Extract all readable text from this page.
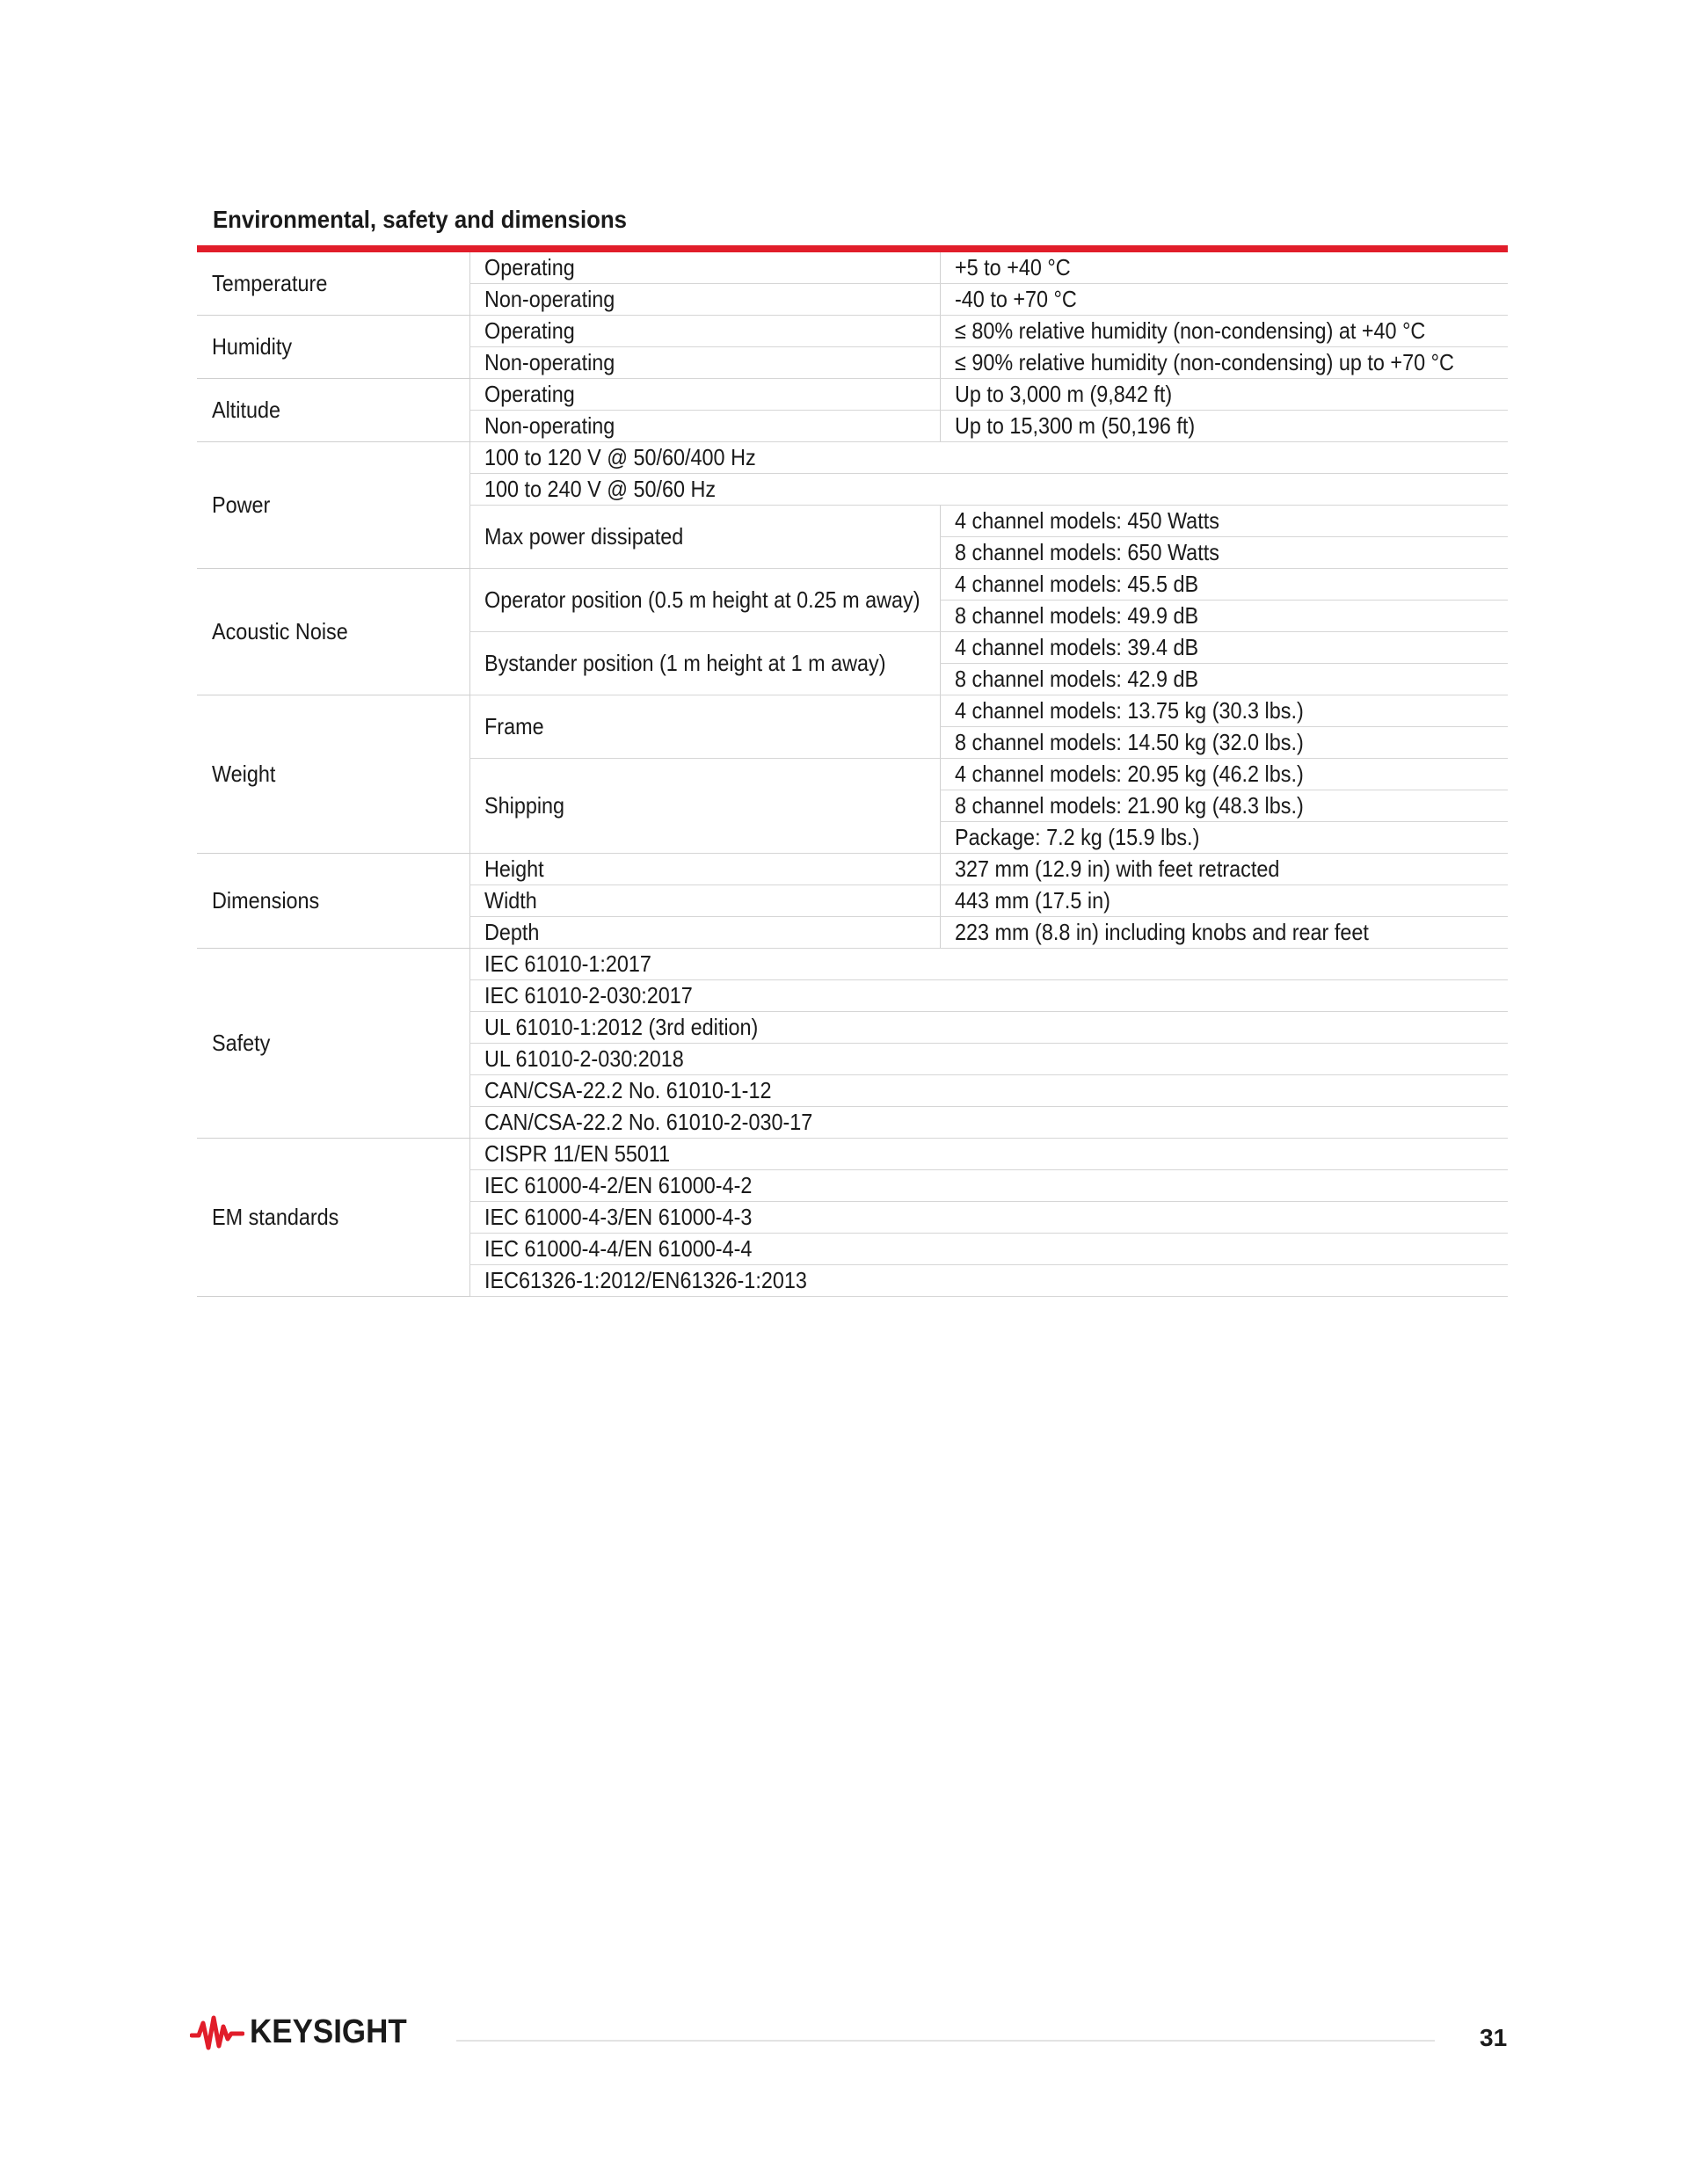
Environmental, safety and dimensions
Temperature	Operating	+5 to +40 °C
	Non-operating	-40 to +70 °C
Humidity	Operating	≤ 80% relative humidity (non-condensing) at +40 °C
	Non-operating	≤ 90% relative humidity (non-condensing) up to +70 °C
Altitude	Operating	Up to 3,000 m (9,842 ft)
	Non-operating	Up to 15,300 m (50,196 ft)
Power	100 to 120 V @ 50/60/400 Hz	
	100 to 240 V @ 50/60 Hz	
	Max power dissipated	4 channel models: 450 Watts
		8 channel models: 650 Watts
Acoustic Noise	Operator position (0.5 m height at 0.25 m away)	4 channel models: 45.5 dB
		8 channel models: 49.9 dB
	Bystander position (1 m height at 1 m away)	4 channel models: 39.4 dB
		8 channel models: 42.9 dB
Weight	Frame	4 channel models: 13.75 kg (30.3 lbs.)
		8 channel models: 14.50 kg (32.0 lbs.)
	Shipping	4 channel models: 20.95 kg (46.2 lbs.)
		8 channel models: 21.90 kg (48.3 lbs.)
		Package: 7.2 kg (15.9 lbs.)
Dimensions	Height	327 mm (12.9 in) with feet retracted
	Width	443 mm (17.5 in)
	Depth	223 mm (8.8 in) including knobs and rear feet
Safety	IEC 61010-1:2017	
	IEC 61010-2-030:2017	
	UL 61010-1:2012 (3rd edition)	
	UL 61010-2-030:2018	
	CAN/CSA-22.2 No. 61010-1-12	
	CAN/CSA-22.2 No. 61010-2-030-17	
EM standards	CISPR 11/EN 55011	
	IEC 61000-4-2/EN 61000-4-2	
	IEC 61000-4-3/EN 61000-4-3	
	IEC 61000-4-4/EN 61000-4-4	
	IEC61326-1:2012/EN61326-1:2013	
KEYSIGHT	31
